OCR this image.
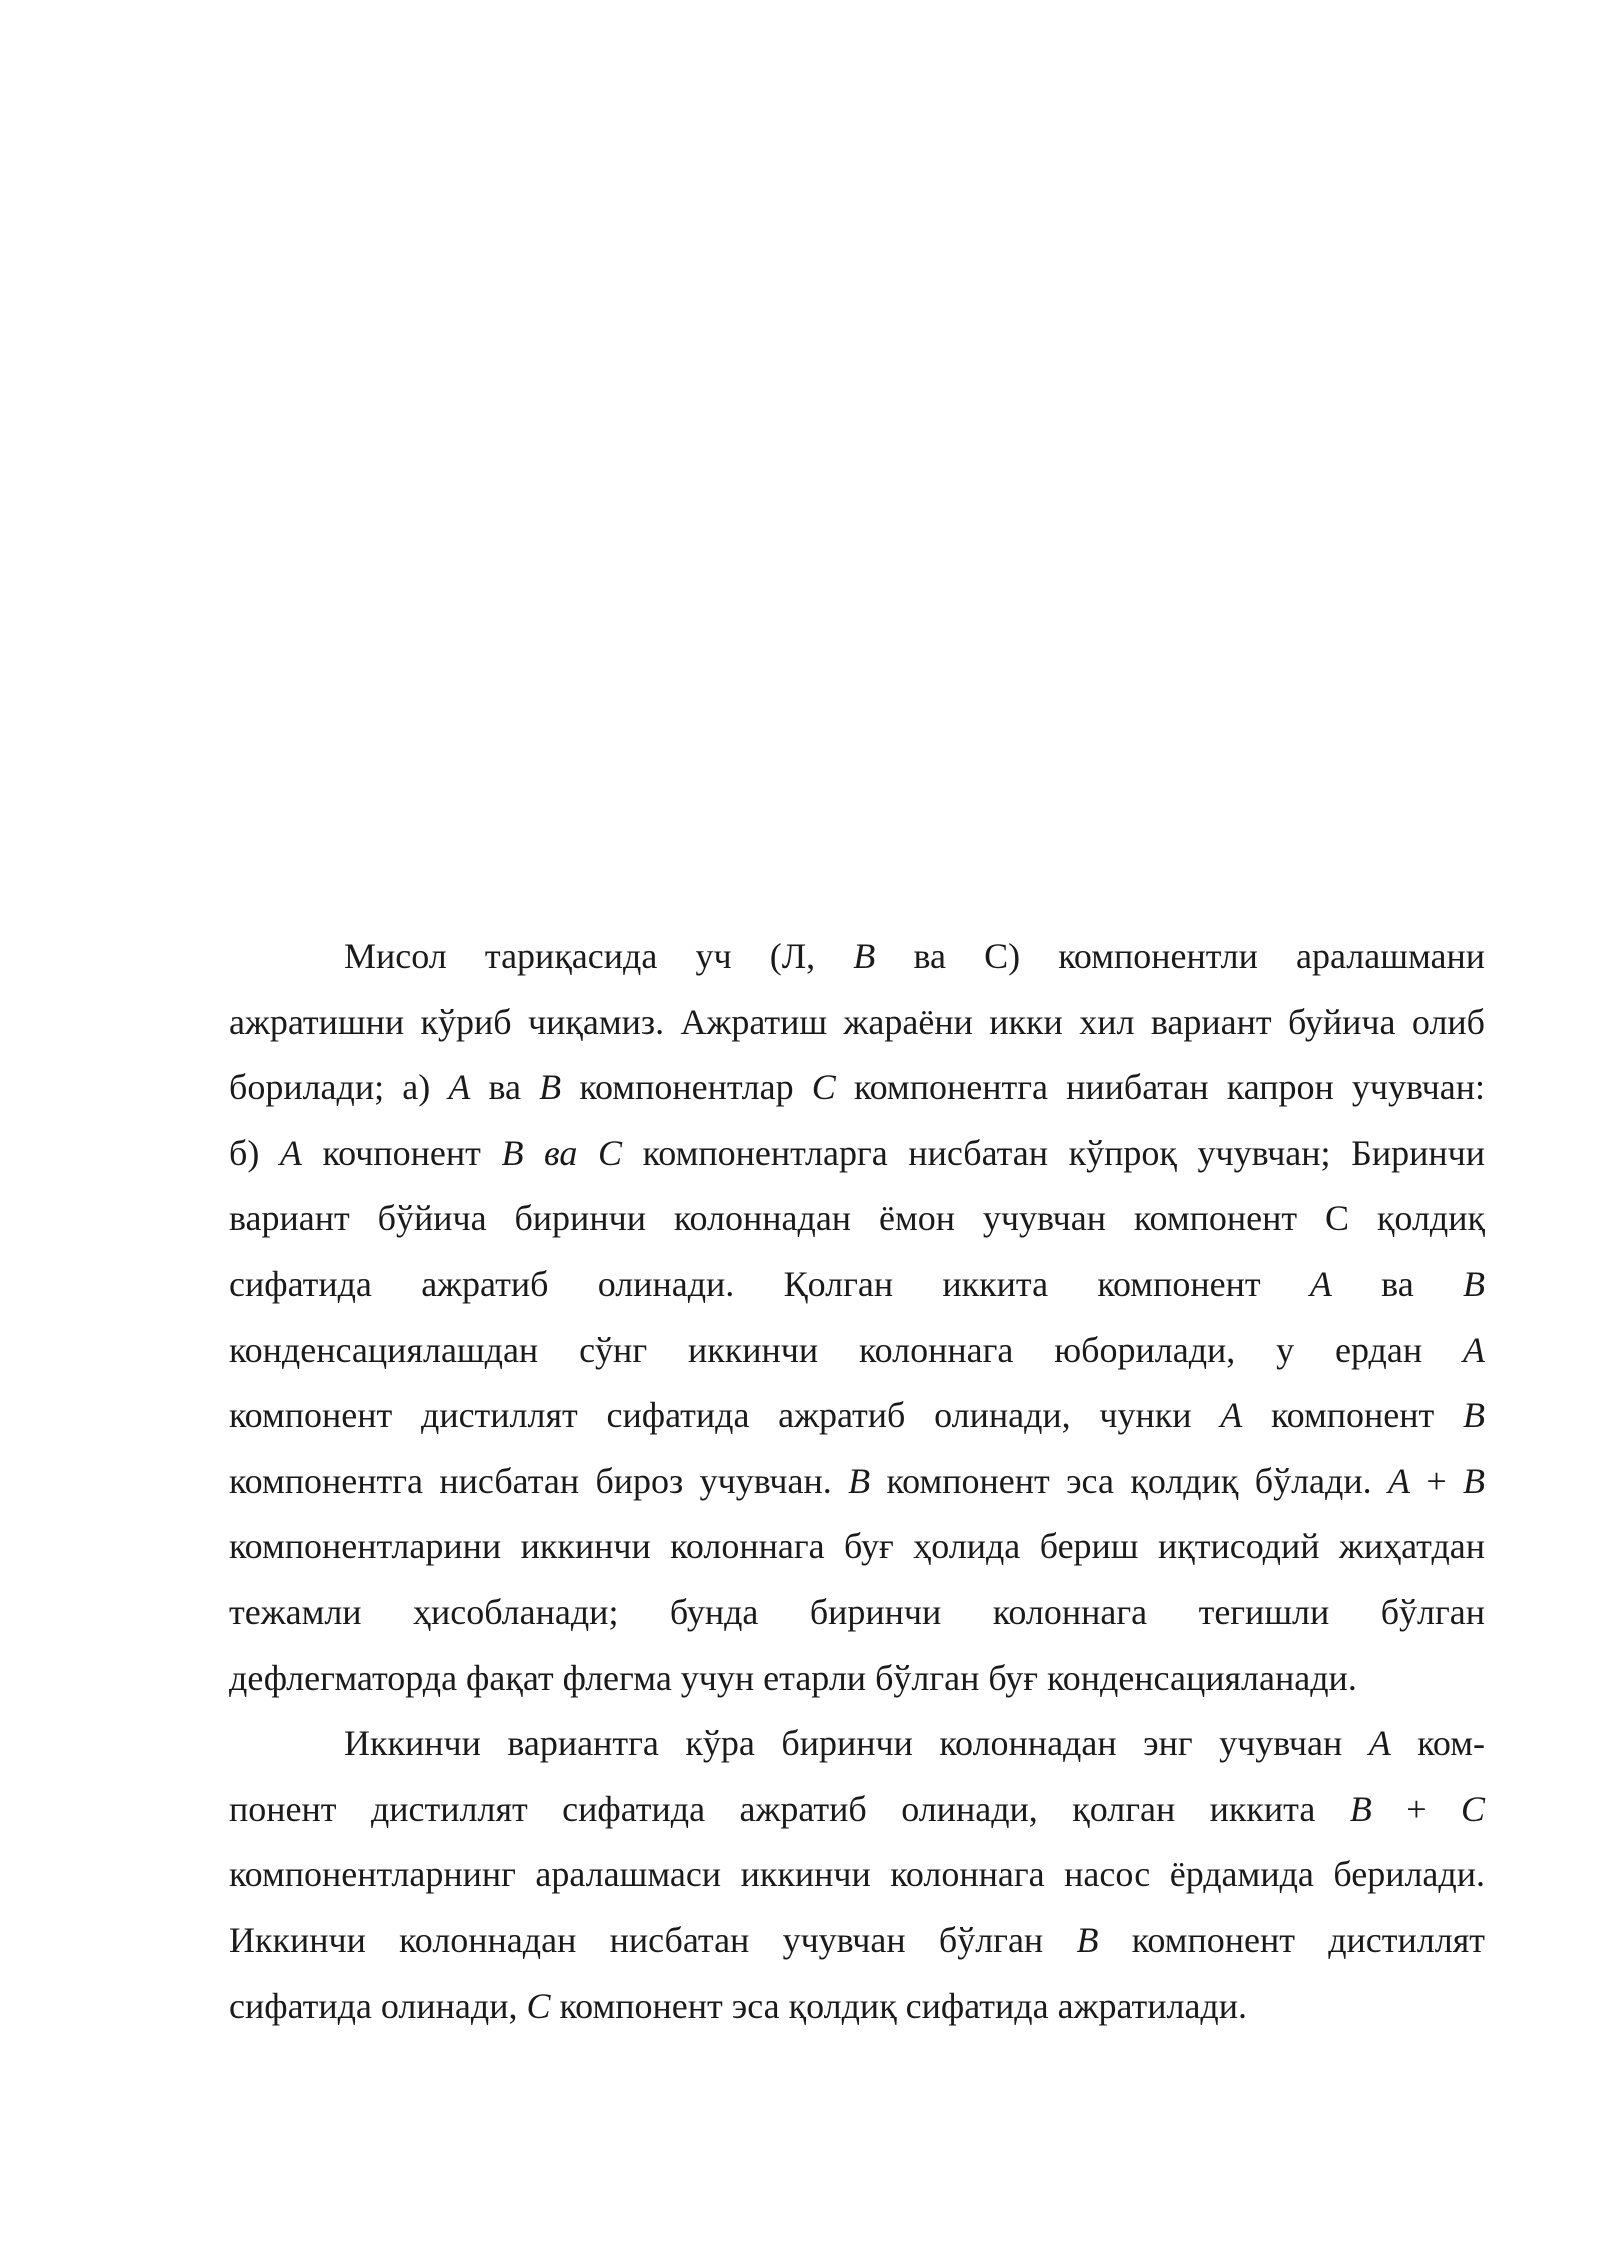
Мисол тариқасида уч (Л, В ва С) компонентли аралашмани
ажратишни кўриб чиқамиз. Ажратиш жараёни икки хил вариант буйича олиб
борилади; а) А ва В компонентлар С компонентга ниибатан капрон учувчан:
б) А кочпонент В ва С компонентларга нисбатан кўпроқ учувчан; Биринчи
вариант бўйича биринчи колоннадан ёмон учувчан компонент С қолдиқ
сифатида ажратиб олинади. Қолган иккита компонент А ва В
конденсациялашдан сўнг иккинчи колоннага юборилади, у ердан А
компонент дистиллят сифатида ажратиб олинади, чунки А компонент В
компонентга нисбатан бироз учувчан. В компонент эса қолдиқ бўлади. А + В
компонентларини иккинчи колоннага буғ ҳолида бериш иқтисодий жиҳатдан
тежамли ҳисобланади; бунда биринчи колоннага тегишли бўлган
дефлегматорда фақат флегма учун етарли бўлган буғ конденсацияланади.

Иккинчи вариантга кўра биринчи колоннадан энг учувчан А ком-
понент дистиллят сифатида ажратиб олинади, қолган иккита В + С
компонентларнинг аралашмаси иккинчи колоннага насос ёрдамида берилади.
Иккинчи колоннадан нисбатан учувчан бўлган В компонент дистиллят
сифатида олинади, С компонент эса қолдиқ сифатида ажратилади.
